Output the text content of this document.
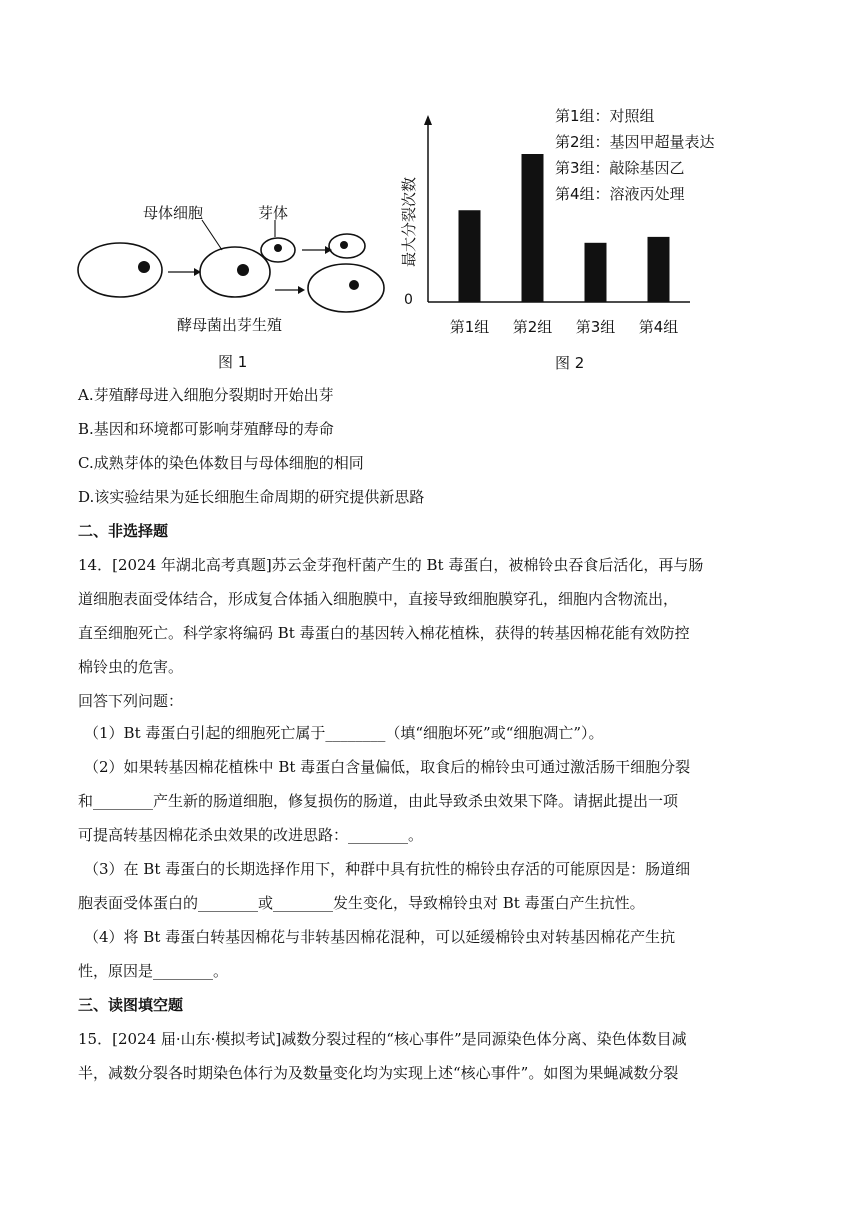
母体细胞	芽体
酵母菌出芽生殖
图 1
0
最大分裂次数
第1组 第2组 第3组 第4组
第1组：对照组
第2组：基因甲超量表达
第3组：敲除基因乙
第4组：溶液丙处理
图 2
A.芽殖酵母进入细胞分裂期时开始出芽
B.基因和环境都可影响芽殖酵母的寿命
C.成熟芽体的染色体数目与母体细胞的相同
D.该实验结果为延长细胞生命周期的研究提供新思路
二、非选择题
14．[2024 年湖北高考真题]苏云金芽孢杆菌产生的 Bt 毒蛋白，被棉铃虫吞食后活化，再与肠
道细胞表面受体结合，形成复合体插入细胞膜中，直接导致细胞膜穿孔，细胞内含物流出，
直至细胞死亡。科学家将编码 Bt 毒蛋白的基因转入棉花植株，获得的转基因棉花能有效防控
棉铃虫的危害。
回答下列问题：
（1）Bt 毒蛋白引起的细胞死亡属于________（填“细胞坏死”或“细胞凋亡”）。
（2）如果转基因棉花植株中 Bt 毒蛋白含量偏低，取食后的棉铃虫可通过激活肠干细胞分裂
和________产生新的肠道细胞，修复损伤的肠道，由此导致杀虫效果下降。请据此提出一项
可提高转基因棉花杀虫效果的改进思路：________。
（3）在 Bt 毒蛋白的长期选择作用下，种群中具有抗性的棉铃虫存活的可能原因是：肠道细
胞表面受体蛋白的________或________发生变化，导致棉铃虫对 Bt 毒蛋白产生抗性。
（4）将 Bt 毒蛋白转基因棉花与非转基因棉花混种，可以延缓棉铃虫对转基因棉花产生抗
性，原因是________。
三、读图填空题
15．[2024 届·山东·模拟考试]减数分裂过程的“核心事件”是同源染色体分离、染色体数目减
半，减数分裂各时期染色体行为及数量变化均为实现上述“核心事件”。如图为果蝇减数分裂
